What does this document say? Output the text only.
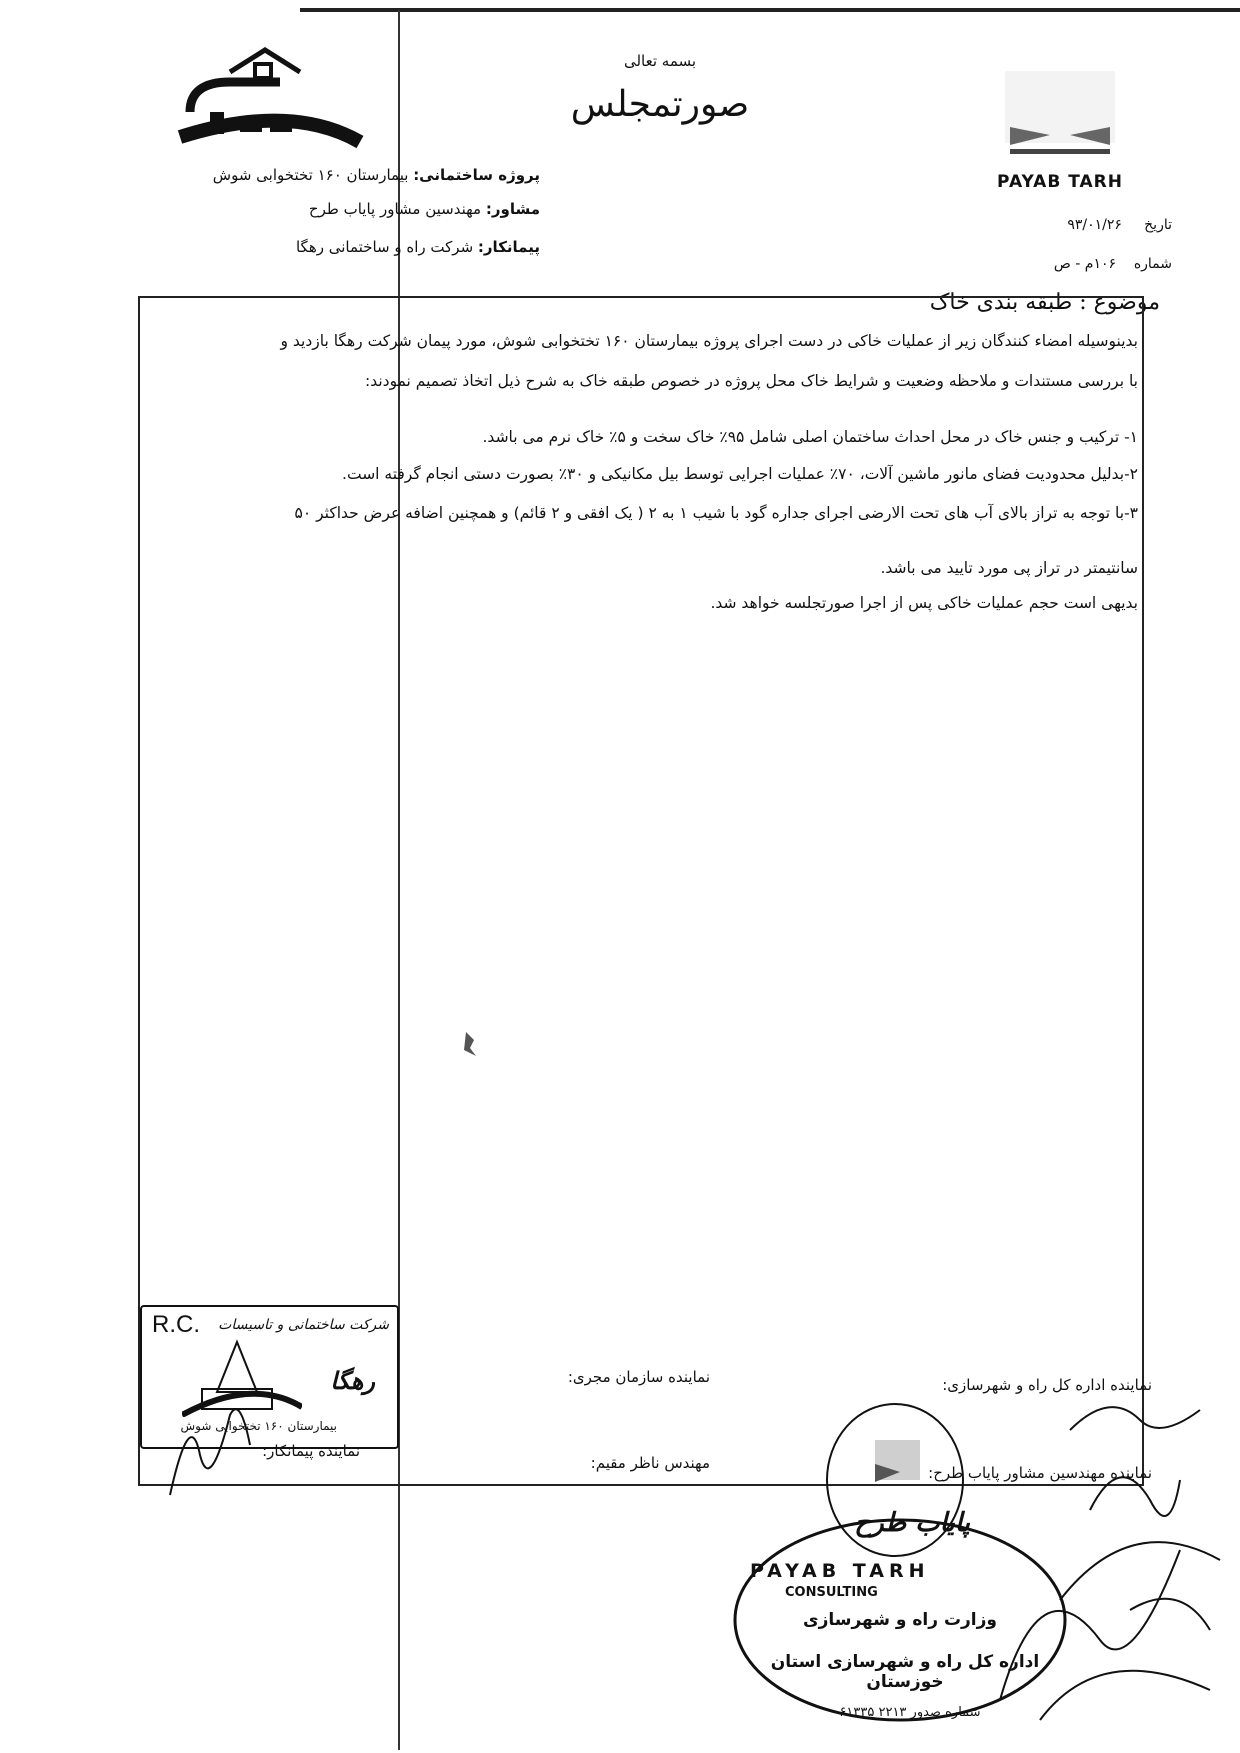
بسمه تعالی
صورتمجلس
PAYAB TARH
پروژه ساختمانی: بیمارستان ۱۶۰ تختخوابی شوش
مشاور: مهندسین مشاور پایاب طرح
پیمانکار: شرکت راه و ساختمانی رهگا
تاریخ     ۹۳/۰۱/۲۶
شماره    ۱۰۶م - ص
موضوع : طبقه بندی خاک
بدینوسیله امضاء کنندگان زیر از عملیات خاکی در دست اجرای پروژه بیمارستان ۱۶۰ تختخوابی شوش، مورد پیمان شرکت رهگا بازدید و
با بررسی مستندات و ملاحظه وضعیت و شرایط خاک محل پروژه در خصوص طبقه خاک به شرح ذیل اتخاذ تصمیم نمودند:
۱- ترکیب و جنس خاک در محل احداث ساختمان اصلی شامل ۹۵٪ خاک سخت و ۵٪ خاک نرم می باشد.
۲-بدلیل محدودیت فضای مانور ماشین آلات، ۷۰٪ عملیات اجرایی توسط بیل مکانیکی و ۳۰٪ بصورت دستی انجام گرفته است.
۳-با توجه به تراز بالای آب های تحت الارضی اجرای جداره گود با شیب ۱ به ۲ ( یک افقی و ۲ قائم) و همچنین اضافه عرض حداکثر ۵۰
سانتیمتر در تراز پی مورد تایید می باشد.
بدیهی است حجم عملیات خاکی پس از اجرا صورتجلسه خواهد شد.
نماینده اداره کل راه و شهرسازی:
نماینده سازمان مجری:
نماینده مهندسین مشاور پایاب طرح:
مهندس ناظر مقیم:
نماینده پیمانکار:
R.C. شرکت ساختمانی و تاسیسات
رهگا
بیمارستان ۱۶۰ تختخوابی شوش
پایاب طرح
PAYAB TARH
CONSULTING
وزارت راه و شهرسازی
اداره کل راه و شهرسازی استان خوزستان
شماره صدور ۲۲۱۳ ۶۱۳۳۵
